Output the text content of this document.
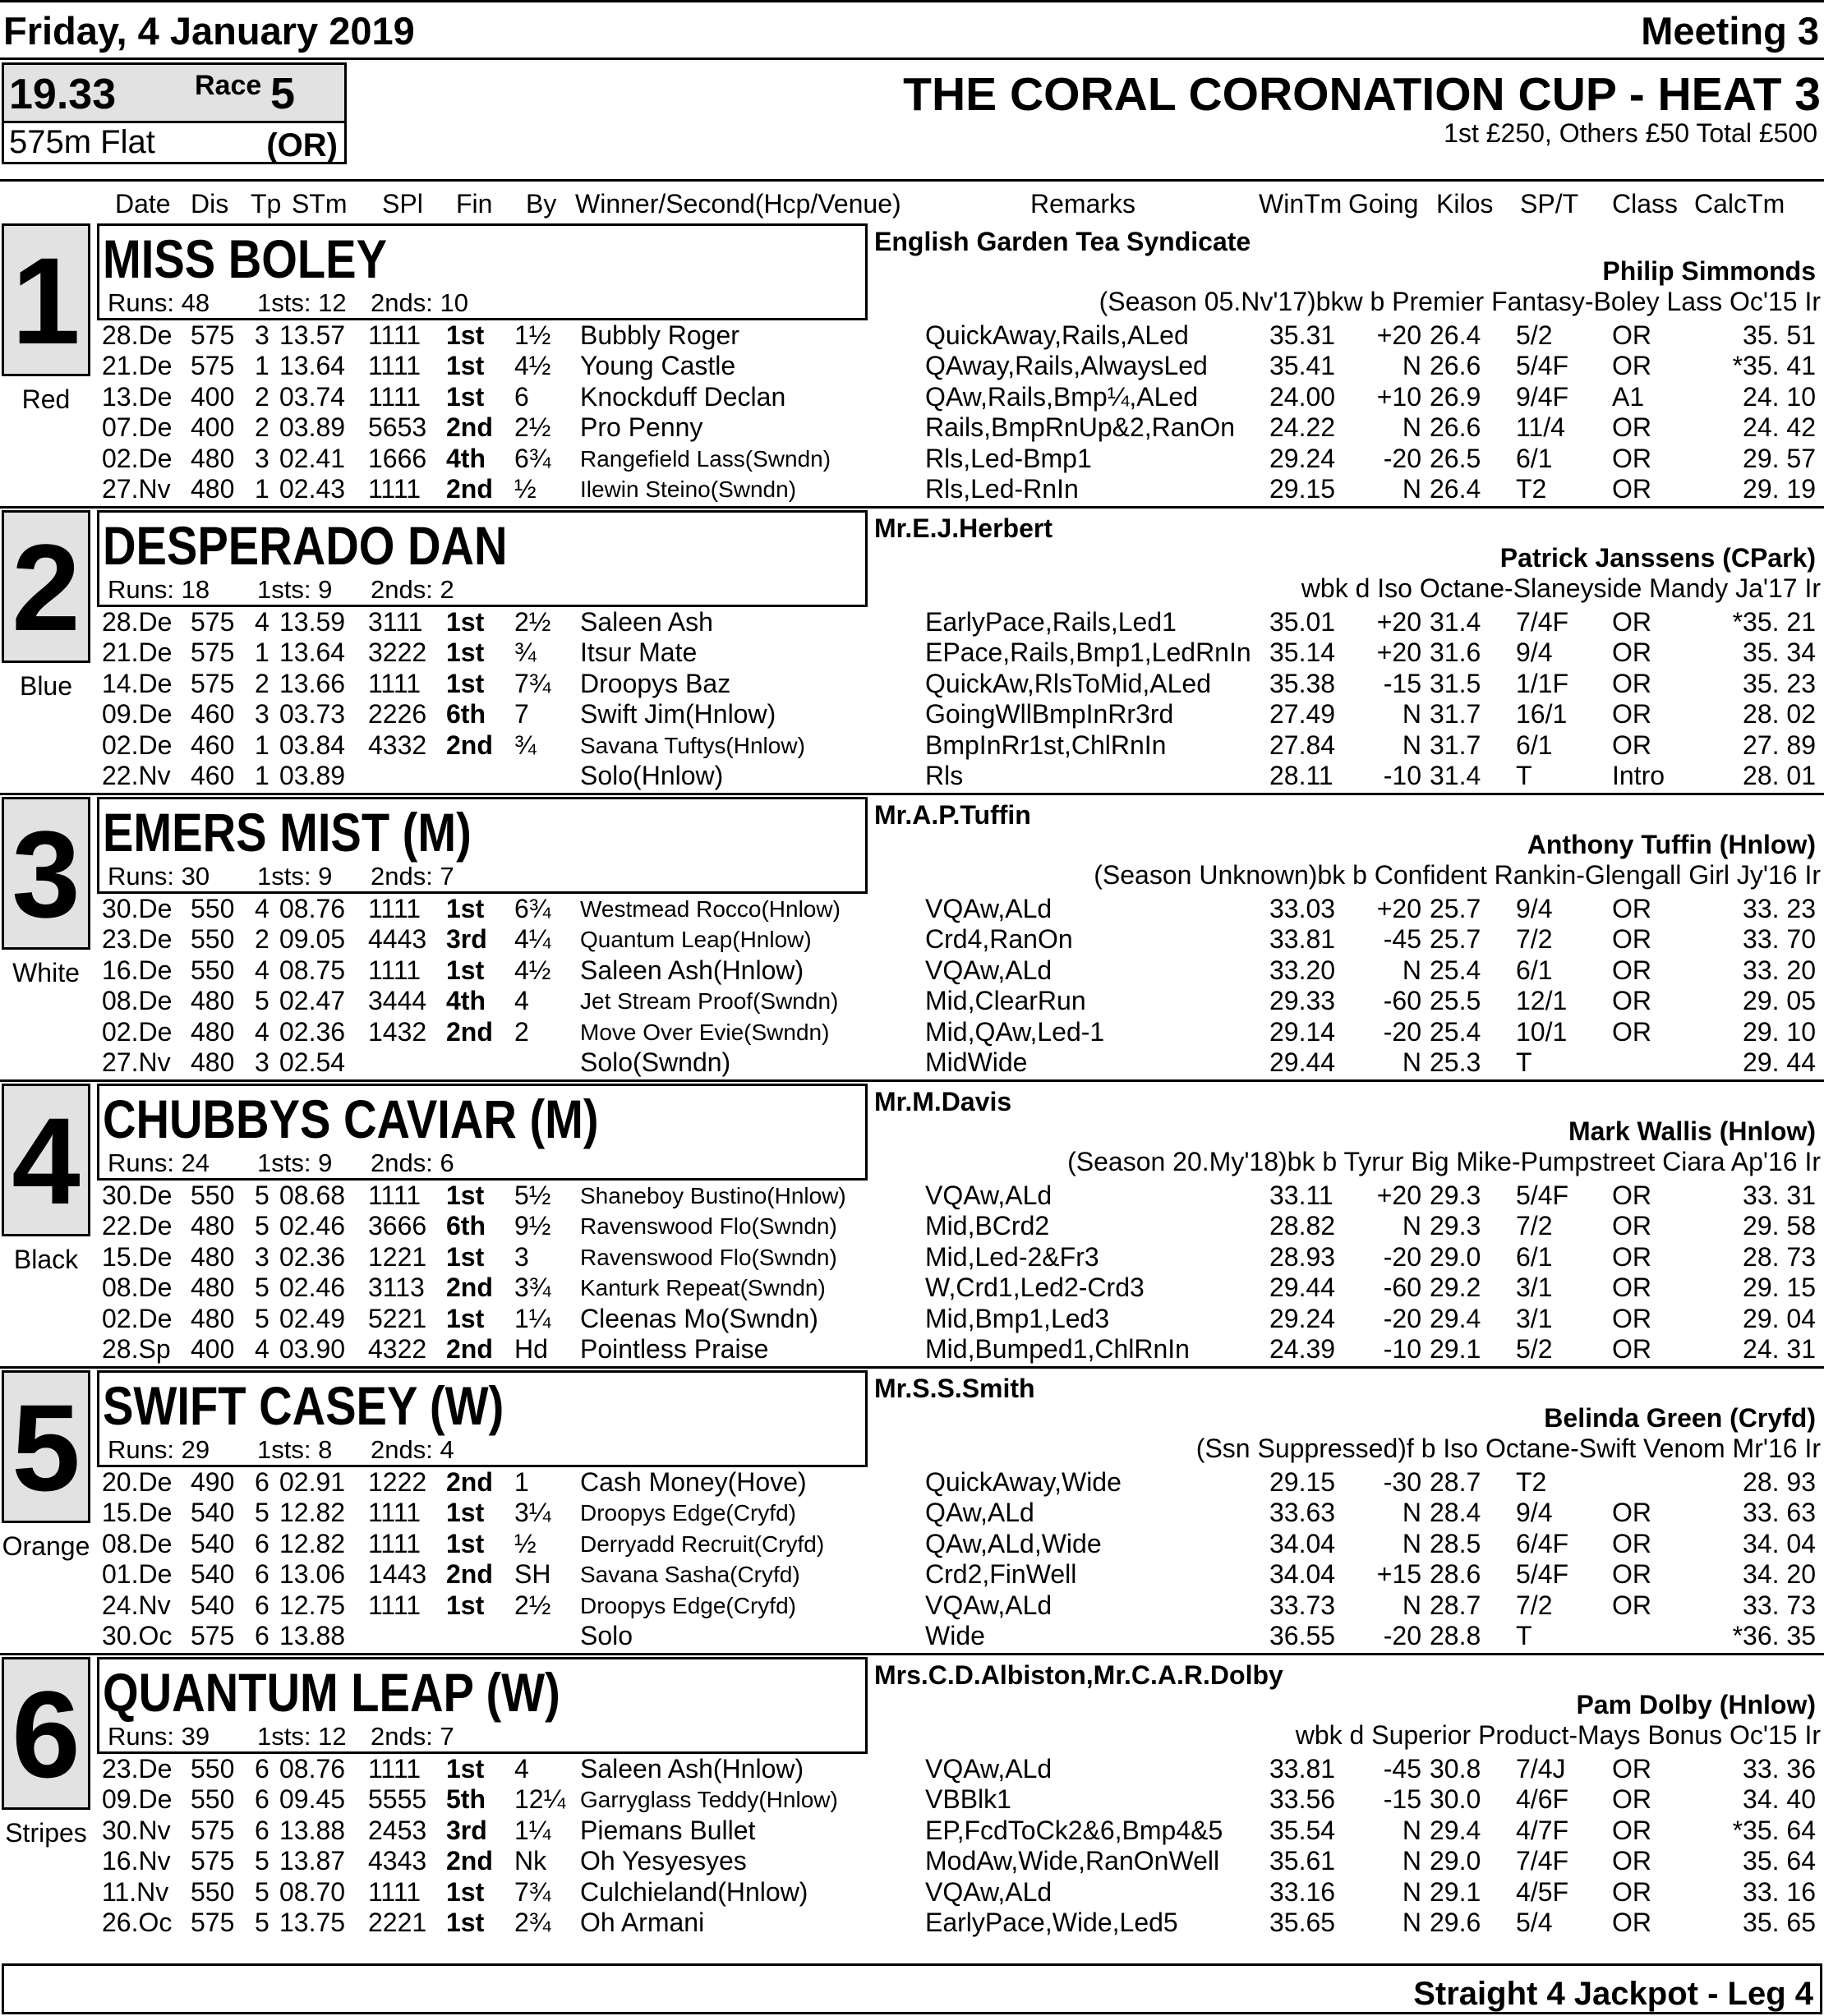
Friday, 4 January 2019	Meeting 3
19.33	Race 5
575m Flat	(OR)
THE CORAL CORONATION CUP - HEAT 3
1st £250, Others £50 Total £500
Date Dis Tp STm SPl Fin By Winner/Second(Hcp/Venue)	Remarks	WinTm Going Kilos SP/T Class CalcTm
1
Red
MISS BOLEY
Runs: 48 1sts: 12 2nds: 10
English Garden Tea Syndicate
Philip Simmonds
(Season 05.Nv'17)bkw b Premier Fantasy-Boley Lass Oc'15 Ir
28.De 575 3 13.57 1111 1st 1½ Bubbly Roger	QuickAway,Rails,ALed	35.31	+20 26.4 5/2 OR	35. 51
21.De 575 1 13.64 1111 1st 4½ Young Castle	QAway,Rails,AlwaysLed 35.41	N 26.6 5/4F OR	*35. 41
13.De 400 2 03.74 1111 1st 6 Knockduff Declan	QAw,Rails,Bmp¼,ALed	24.00	+10 26.9 9/4F A1	24. 10
07.De 400 2 03.89 5653 2nd 2½ Pro Penny	Rails,BmpRnUp&2,RanOn 24.22	N 26.6 11/4 OR	24. 42
02.De 480 3 02.41 1666 4th 6¾ Rangefield Lass(Swndn)	Rls,Led-Bmp1	29.24	-20 26.5 6/1 OR	29. 57
27.Nv 480 1 02.43 1111 2nd ½ Ilewin Steino(Swndn)	Rls,Led-RnIn	29.15	N 26.4 T2 OR	29. 19
2
Blue
DESPERADO DAN
Runs: 18 1sts: 9 2nds: 2
Mr.E.J.Herbert
Patrick Janssens (CPark)
wbk d Iso Octane-Slaneyside Mandy Ja'17 Ir
28.De 575 4 13.59 3111 1st 2½ Saleen Ash	EarlyPace,Rails,Led1	35.01	+20 31.4 7/4F OR	*35. 21
21.De 575 1 13.64 3222 1st ¾ Itsur Mate	EPace,Rails,Bmp1,LedRnIn 35.14	+20 31.6 9/4 OR	35. 34
14.De 575 2 13.66 1111 1st 7¾ Droopys Baz	QuickAw,RlsToMid,ALed 35.38	-15 31.5 1/1F OR	35. 23
09.De 460 3 03.73 2226 6th 7 Swift Jim(Hnlow)	GoingWllBmpInRr3rd	27.49	N 31.7 16/1 OR	28. 02
02.De 460 1 03.84 4332 2nd ¾ Savana Tuftys(Hnlow)	BmpInRr1st,ChlRnIn	27.84	N 31.7 6/1 OR	27. 89
22.Nv 460 1 03.89	Solo(Hnlow)	Rls	28.11	-10 31.4 T	Intro	28. 01
3
White
EMERS MIST (M)
Runs: 30 1sts: 9 2nds: 7
Mr.A.P.Tuffin
Anthony Tuffin (Hnlow)
(Season Unknown)bk b Confident Rankin-Glengall Girl Jy'16 Ir
30.De 550 4 08.76 1111 1st 6¾ Westmead Rocco(Hnlow)	VQAw,ALd	33.03	+20 25.7 9/4 OR	33. 23
23.De 550 2 09.05 4443 3rd 4¼ Quantum Leap(Hnlow)	Crd4,RanOn	33.81	-45 25.7 7/2 OR	33. 70
16.De 550 4 08.75 1111 1st 4½ Saleen Ash(Hnlow)	VQAw,ALd	33.20	N 25.4 6/1 OR	33. 20
08.De 480 5 02.47 3444 4th 4 Jet Stream Proof(Swndn)	Mid,ClearRun	29.33	-60 25.5 12/1 OR	29. 05
02.De 480 4 02.36 1432 2nd 2 Move Over Evie(Swndn)	Mid,QAw,Led-1	29.14	-20 25.4 10/1 OR	29. 10
27.Nv 480 3 02.54	Solo(Swndn)	MidWide	29.44	N 25.3 T	29. 44
4
Black
CHUBBYS CAVIAR (M)
Runs: 24 1sts: 9 2nds: 6
Mr.M.Davis
Mark Wallis (Hnlow)
(Season 20.My'18)bk b Tyrur Big Mike-Pumpstreet Ciara Ap'16 Ir
30.De 550 5 08.68 1111 1st 5½ Shaneboy Bustino(Hnlow)	VQAw,ALd	33.11	+20 29.3 5/4F OR	33. 31
22.De 480 5 02.46 3666 6th 9½ Ravenswood Flo(Swndn)	Mid,BCrd2	28.82	N 29.3 7/2 OR	29. 58
15.De 480 3 02.36 1221 1st 3 Ravenswood Flo(Swndn)	Mid,Led-2&Fr3	28.93	-20 29.0 6/1 OR	28. 73
08.De 480 5 02.46 3113 2nd 3¾ Kanturk Repeat(Swndn)	W,Crd1,Led2-Crd3	29.44	-60 29.2 3/1 OR	29. 15
02.De 480 5 02.49 5221 1st 1¼ Cleenas Mo(Swndn)	Mid,Bmp1,Led3	29.24	-20 29.4 3/1 OR	29. 04
28.Sp 400 4 03.90 4322 2nd Hd Pointless Praise	Mid,Bumped1,ChlRnIn	24.39	-10 29.1 5/2 OR	24. 31
5
Orange
SWIFT CASEY (W)
Runs: 29 1sts: 8 2nds: 4
Mr.S.S.Smith
Belinda Green (Cryfd)
(Ssn Suppressed)f b Iso Octane-Swift Venom Mr'16 Ir
20.De 490 6 02.91 1222 2nd 1 Cash Money(Hove)	QuickAway,Wide	29.15	-30 28.7 T2	28. 93
15.De 540 5 12.82 1111 1st 3¼ Droopys Edge(Cryfd)	QAw,ALd	33.63	N 28.4 9/4 OR	33. 63
08.De 540 6 12.82 1111 1st ½ Derryadd Recruit(Cryfd)	QAw,ALd,Wide	34.04	N 28.5 6/4F OR	34. 04
01.De 540 6 13.06 1443 2nd SH Savana Sasha(Cryfd)	Crd2,FinWell	34.04	+15 28.6 5/4F OR	34. 20
24.Nv 540 6 12.75 1111 1st 2½ Droopys Edge(Cryfd)	VQAw,ALd	33.73	N 28.7 7/2 OR	33. 73
30.Oc 575 6 13.88	Solo	Wide	36.55	-20 28.8 T	*36. 35
6
Stripes
QUANTUM LEAP (W)
Runs: 39 1sts: 12 2nds: 7
Mrs.C.D.Albiston,Mr.C.A.R.Dolby
Pam Dolby (Hnlow)
wbk d Superior Product-Mays Bonus Oc'15 Ir
23.De 550 6 08.76 1111 1st 4 Saleen Ash(Hnlow)	VQAw,ALd	33.81	-45 30.8 7/4J OR	33. 36
09.De 550 6 09.45 5555 5th 12¼ Garryglass Teddy(Hnlow)	VBBlk1	33.56	-15 30.0 4/6F OR	34. 40
30.Nv 575 6 13.88 2453 3rd 1¼ Piemans Bullet	EP,FcdToCk2&6,Bmp4&5 35.54	N 29.4 4/7F OR	*35. 64
16.Nv 575 5 13.87 4343 2nd Nk Oh Yesyesyes	ModAw,Wide,RanOnWell 35.61	N 29.0 7/4F OR	35. 64
11.Nv 550 5 08.70 1111 1st 7¾ Culchieland(Hnlow)	VQAw,ALd	33.16	N 29.1 4/5F OR	33. 16
26.Oc 575 5 13.75 2221 1st 2¾ Oh Armani	EarlyPace,Wide,Led5	35.65	N 29.6 5/4 OR	35. 65
Straight 4 Jackpot - Leg 4
